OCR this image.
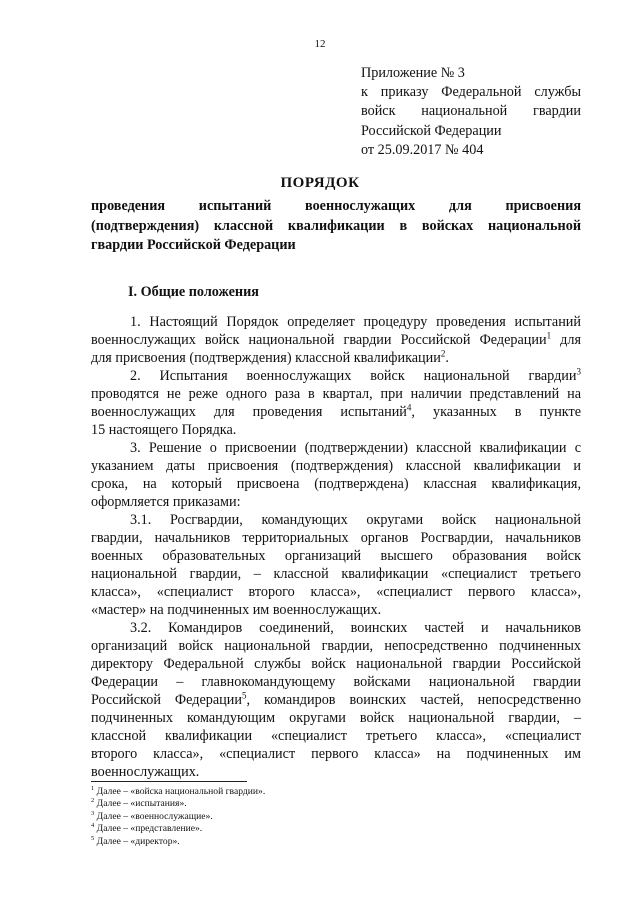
12
Приложение № 3
к приказу Федеральной службы
войск национальной гвардии
Российской Федерации
от 25.09.2017 № 404
ПОРЯДОК
проведения испытаний военнослужащих для присвоения
(подтверждения) классной квалификации в войсках национальной
гвардии Российской Федерации
I. Общие положения
1. Настоящий Порядок определяет процедуру проведения испытаний
военнослужащих войск национальной гвардии Российской Федерации$^1$ для
для присвоения (подтверждения) классной квалификации$^2$.
2. Испытания военнослужащих войск национальной гвардии$^3$
проводятся не реже одного раза в квартал, при наличии представлений на
военнослужащих для проведения испытаний$^4$, указанных в пункте
15 настоящего Порядка.
3. Решение о присвоении (подтверждении) классной квалификации с
указанием даты присвоения (подтверждения) классной квалификации и
срока, на который присвоена (подтверждена) классная квалификация,
оформляется приказами:
3.1. Росгвардии, командующих округами войск национальной
гвардии, начальников территориальных органов Росгвардии, начальников
военных образовательных организаций высшего образования войск
национальной гвардии, – классной квалификации «специалист третьего
класса», «специалист второго класса», «специалист первого класса»,
«мастер» на подчиненных им военнослужащих.
3.2. Командиров соединений, воинских частей и начальников
организаций войск национальной гвардии, непосредственно подчиненных
директору Федеральной службы войск национальной гвардии Российской
Федерации – главнокомандующему войсками национальной гвардии
Российской Федерации$^5$, командиров воинских частей, непосредственно
подчиненных командующим округами войск национальной гвардии, –
классной квалификации «специалист третьего класса», «специалист
второго класса», «специалист первого класса» на подчиненных им
военнослужащих.
$^1$ Далее – «войска национальной гвардии».
$^2$ Далее – «испытания».
$^3$ Далее – «военнослужащие».
$^4$ Далее – «представление».
$^5$ Далее – «директор».
